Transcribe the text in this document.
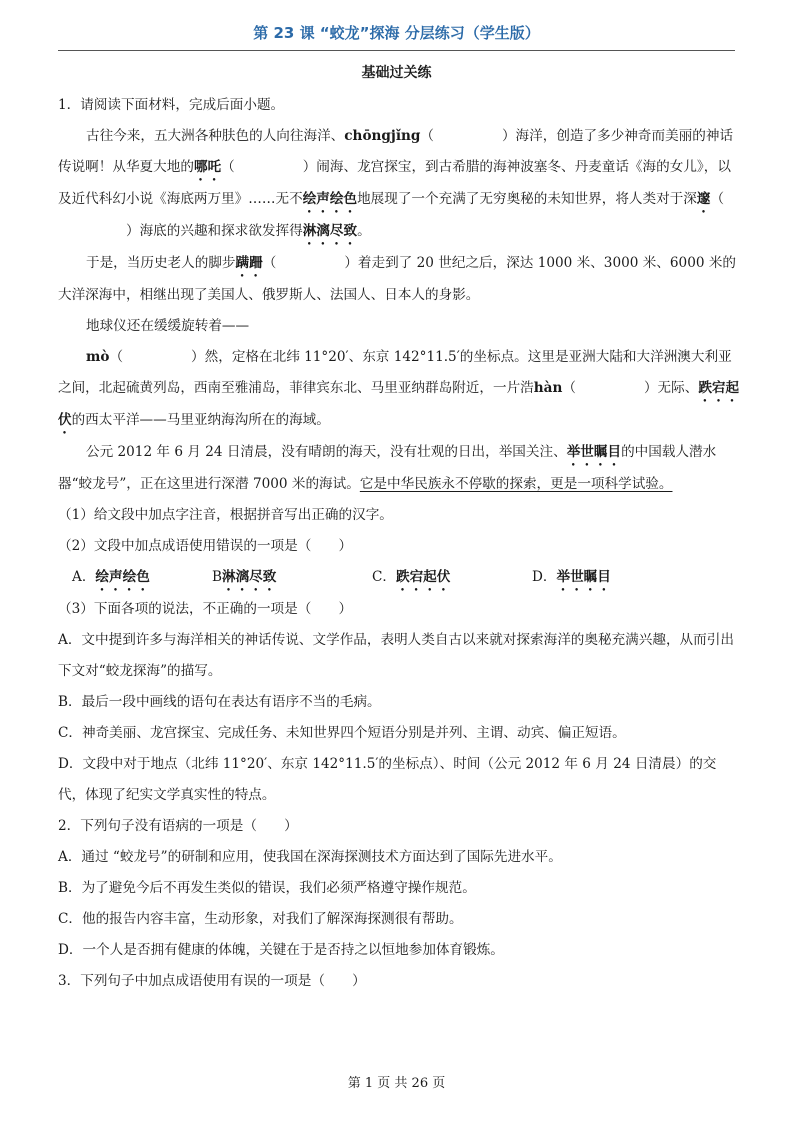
第 23 课 “蛟龙”探海 分层练习（学生版）
基础过关练

1．请阅读下面材料，完成后面小题。

古往今来，五大洲各种肤色的人向往海洋、chōngjǐng（	）海洋，创造了多少神奇而美丽的神话传说啊！从华夏大地的哪吒（	）闹海、龙宫探宝，到古希腊的海神波塞冬、丹麦童话《海的女儿》，以及近代科幻小说《海底两万里》……无不绘声绘色地展现了一个充满了无穷奥秘的未知世界，将人类对于深邃（）海底的兴趣和探求欲发挥得淋漓尽致。

于是，当历史老人的脚步蹒跚（	）着走到了 20 世纪之后，深达 1000 米、3000 米、6000 米的大洋深海中，相继出现了美国人、俄罗斯人、法国人、日本人的身影。

地球仪还在缓缓旋转着——

mò（	）然，定格在北纬 11°20′、东京 142°11.5′的坐标点。这里是亚洲大陆和大洋洲澳大利亚之间，北起硫黄列岛，西南至雅浦岛，菲律宾东北、马里亚纳群岛附近，一片浩hàn（	）无际、跌宕起伏的西太平洋——马里亚纳海沟所在的海域。

公元 2012 年 6 月 24 日清晨，没有晴朗的海天，没有壮观的日出，举国关注、举世瞩目的中国载人潜水器“蛟龙号”，正在这里进行深潜 7000 米的海试。它是中华民族永不停歇的探索，更是一项科学试验。

（1）给文段中加点字注音，根据拼音写出正确的汉字。

（2）文段中加点成语使用错误的一项是（　　）

A．绘声绘色	B淋漓尽致	C．跌宕起伏	D．举世瞩目

（3）下面各项的说法，不正确的一项是（　　）

A．文中提到许多与海洋相关的神话传说、文学作品，表明人类自古以来就对探索海洋的奥秘充满兴趣，从而引出下文对“蛟龙探海”的描写。

B．最后一段中画线的语句在表达有语序不当的毛病。

C．神奇美丽、龙宫探宝、完成任务、未知世界四个短语分别是并列、主谓、动宾、偏正短语。

D．文段中对于地点（北纬 11°20′、东京 142°11.5′的坐标点）、时间（公元 2012 年 6 月 24 日清晨）的交代，体现了纪实文学真实性的特点。

2．下列句子没有语病的一项是（　　）

A．通过 “蛟龙号”的研制和应用，使我国在深海探测技术方面达到了国际先进水平。

B．为了避免今后不再发生类似的错误，我们必须严格遵守操作规范。

C．他的报告内容丰富，生动形象，对我们了解深海探测很有帮助。

D．一个人是否拥有健康的体魄，关键在于是否持之以恒地参加体育锻炼。

3．下列句子中加点成语使用有误的一项是（　　）

第 1 页 共 26 页
